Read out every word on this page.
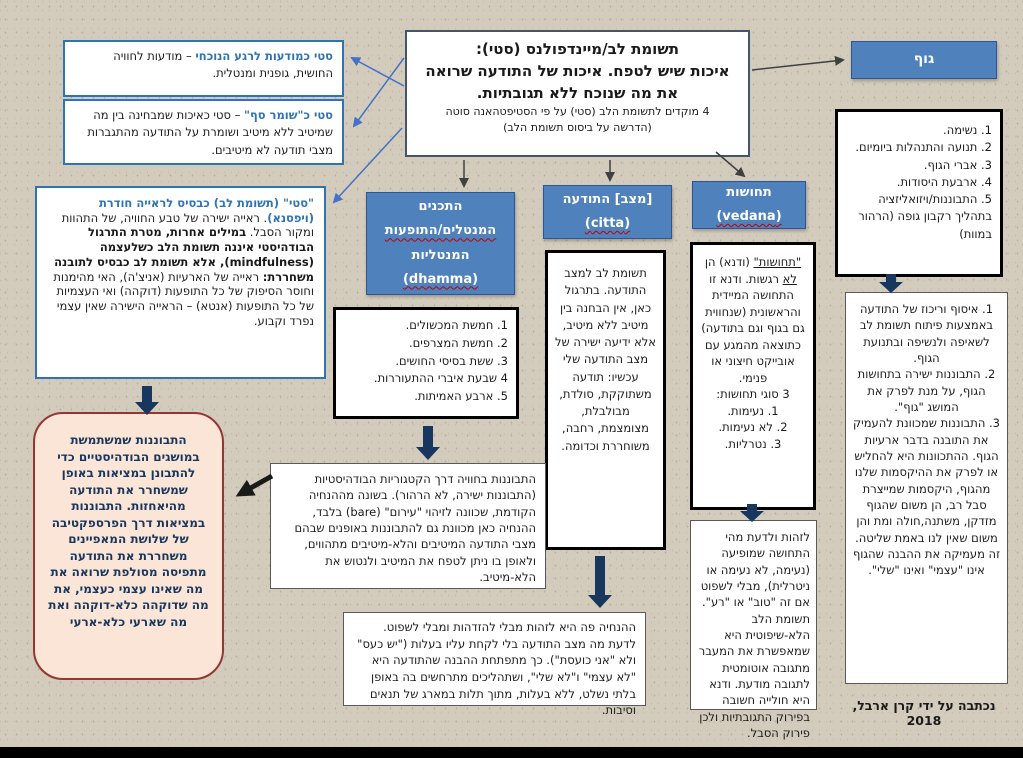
תשומת לב/מיינדפולנס (סטי):
איכות שיש לטפח. איכות של התודעה שרואה
את מה שנוכח ללא תגובתיות.
4 מוקדים לתשומת הלב (סטי) על פי הסטיפטהאנה סוטה
(הדרשה על ביסוס תשומת הלב)
גוף
סטי כמודעות לרגע הנוכחי – מודעות לחוויה החושית, גופנית ומנטלית.
סטי כ"שומר סף" – סטי כאיכות שמבחינה בין מה שמיטיב ללא מיטיב ושומרת על התודעה מהתגברות מצבי תודעה לא מיטיבים.
"סטי" (תשומת לב) כבסיס לראייה חודרת (ויפסנא). ראייה ישירה של טבע החוויה, של התהוות ומקור הסבל. במילים אחרות, מטרת התרגול הבודהיסטי איננה תשומת הלב כשלעצמה (mindfulness), אלא תשומת לב כבסיס לתובנה משחררת: ראייה של הארעיות (אניצ'ה), האי מהימנות וחוסר הסיפוק של כל התופעות (דוקהה) ואי העצמיות של כל התופעות (אנטא) – הראייה הישירה שאין עצמי נפרד וקבוע.
התבוננות שמשתמשת במושגים הבודהיסטיים כדי להתבונן במציאות באופן שמשחרר את התודעה מהיאחזות. התבוננות במציאות דרך הפרספקטיבה של שלושת המאפיינים משחררת את התודעה מתפיסה מסולפת שרואה את מה שאינו עצמי כעצמי, את מה שדוקהה כלא-דוקהה ואת מה שארעי כלא-ארעי
התכנים
המנטלים/התופעות
המנטליות
(dhamma)
[מצב] התודעה
(citta)
תחושות
(vedana)
1. חמשת המכשולים.
2. חמשת המצרפים.
3. ששת בסיסי החושים.
4 שבעת איברי ההתעוררות.
5. ארבע האמיתות.
תשומת לב למצב התודעה. בתרגול כאן, אין הבחנה בין מיטיב ללא מיטיב, אלא ידיעה ישירה של מצב התודעה שלי עכשיו: תודעה משתוקקת, סולדת, מבולבלת, מצומצמת, רחבה, משוחררת וכדומה.
"תחושות" (ודנא) הן לא רגשות. ודנא זו התחושה המיידית והראשונית (שנחווית גם בגוף וגם בתודעה) כתוצאה מהמגע עם אובייקט חיצוני או פנימי.
3 סוגי תחושות:
1. נעימות.
2. לא נעימות.
3. נטרליות.
1. נשימה.
2. תנועה והתנהלות ביומיום.
3. אברי הגוף.
4. ארבעת היסודות.
5. התבוננות/ויזואליזציה בתהליך רקבון גופה (הרהור במוות)
1. איסוף וריכוז של התודעה באמצעות פיתוח תשומת לב לשאיפה ולנשיפה ובתנועת הגוף.
2. התבוננות ישירה בתחושות הגוף, על מנת לפרק את המושג "גוף".
3. התבוננות שמכוונת להעמיק את התובנה בדבר ארעיות הגוף. ההתכוונות היא להחליש או לפרק את ההיקסמות שלנו מהגוף, היקסמות שמייצרת סבל רב, הן משום שהגוף מזדקן, משתנה,חולה ומת והן משום שאין לנו באמת שליטה. זה מעמיקה את ההבנה שהגוף אינו "עצמי" ואינו "שלי".
התבוננות בחוויה דרך הקטגוריות הבודהיסטיות (התבוננות ישירה, לא הרהור). בשונה מההנחיה הקודמת, שכוונה לזיהוי "עירום" (bare) בלבד, ההנחיה כאן מכוונת גם להתבוננות באופנים שבהם מצבי התודעה המיטיבים והלא-מיטיבים מתהווים, ולאופן בו ניתן לטפח את המיטיב ולנטוש את הלא-מיטיב.
ההנחיה פה היא לזהות מבלי להזדהות ומבלי לשפוט. לדעת מה מצב התודעה בלי לקחת עליו בעלות ("יש כעס" ולא "אני כועסת"). כך מתפתחת ההבנה שהתודעה היא "לא עצמי" ו"לא שלי", ושתהליכים מתרחשים בה באופן בלתי נשלט, ללא בעלות, מתוך תלות במארג של תנאים וסיבות.
לזהות ולדעת מהי התחושה שמופיעה (נעימה, לא נעימה או ניטרלית), מבלי לשפוט אם זה "טוב" או "רע". תשומת הלב הלא-שיפוטית היא שמאפשרת את המעבר מתגובה אוטומטית לתגובה מודעת. ודנא היא חולייה חשובה בפירוק התגובתיות ולכן פירוק הסבל.
נכתבה על ידי קרן ארבל, 2018
